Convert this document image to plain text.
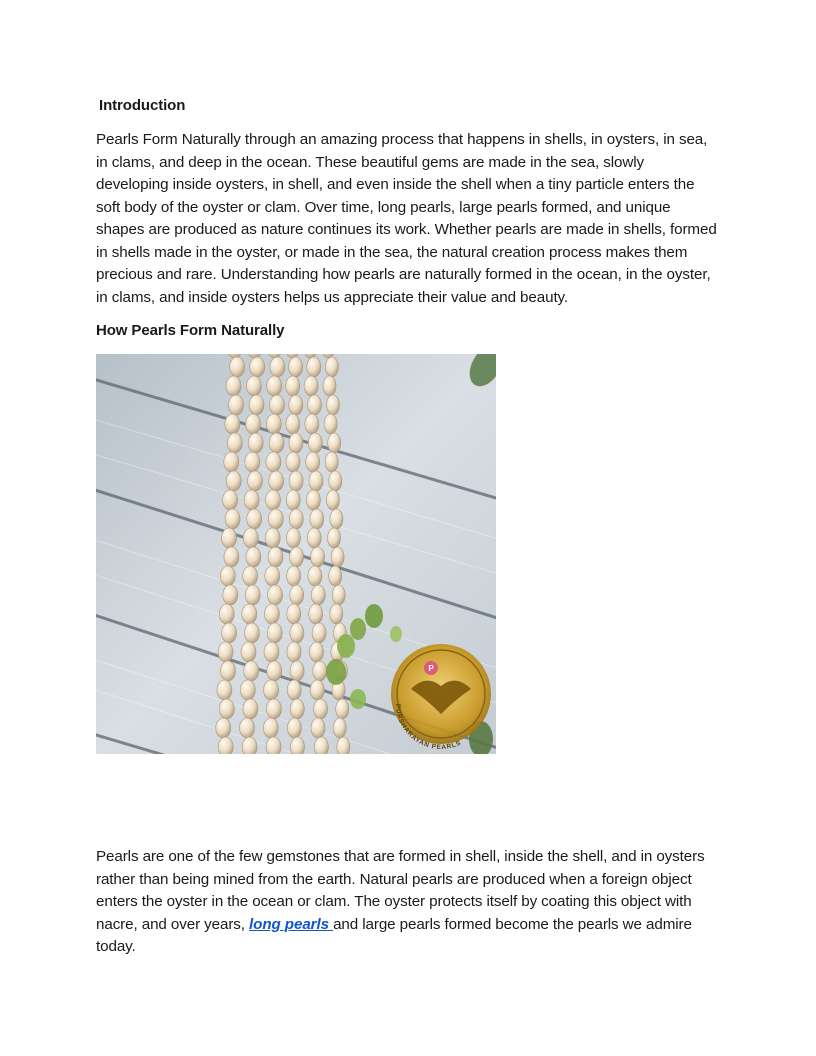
Introduction
Pearls Form Naturally through an amazing process that happens in shells, in oysters, in sea, in clams, and deep in the ocean. These beautiful gems are made in the sea, slowly developing inside oysters, in shell, and even inside the shell when a tiny particle enters the soft body of the oyster or clam. Over time, long pearls, large pearls formed, and unique shapes are produced as nature continues its work. Whether pearls are made in shells, formed in shells made in the oyster, or made in the sea, the natural creation process makes them precious and rare. Understanding how pearls are naturally formed in the ocean, in the oyster, in clams, and inside oysters helps us appreciate their value and beauty.
How Pearls Form Naturally
P
PURSHARAYAN PEARLS
Pearls are one of the few gemstones that are formed in shell, inside the shell, and in oysters rather than being mined from the earth. Natural pearls are produced when a foreign object enters the oyster in the ocean or clam. The oyster protects itself by coating this object with nacre, and over years, long pearls and large pearls formed become the pearls we admire today.
